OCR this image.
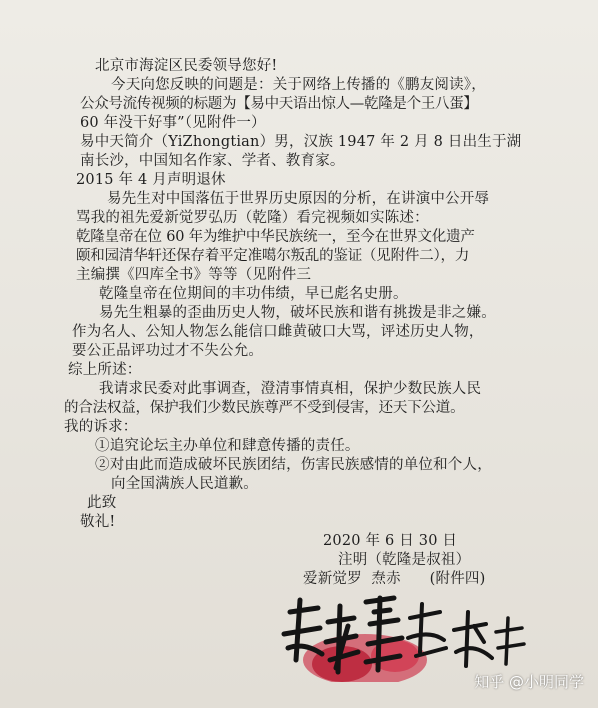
北京市海淀区民委领导您好!
今天向您反映的问题是：关于网络上传播的《鹏友阅读》，
公众号流传视频的标题为【易中天语出惊人—乾隆是个王八蛋】
60 年没干好事”（见附件一）
易中天简介（YiZhongtian）男，汉族 1947 年 2 月 8 日出生于湖
南长沙，中国知名作家、学者、教育家。
2015 年 4 月声明退休
易先生对中国落伍于世界历史原因的分析，在讲演中公开辱
骂我的祖先爱新觉罗弘历（乾隆）看完视频如实陈述：
乾隆皇帝在位 60 年为维护中华民族统一，至今在世界文化遗产
颐和园清华轩还保存着平定准噶尔叛乱的鉴证（见附件二），力
主编撰《四库全书》等等（见附件三
乾隆皇帝在位期间的丰功伟绩，早已彪名史册。
易先生粗暴的歪曲历史人物，破坏民族和谐有挑拨是非之嫌。
作为名人、公知人物怎么能信口雌黄破口大骂，评述历史人物，
要公正品评功过才不失公允。
综上所述：
我请求民委对此事调查，澄清事情真相，保护少数民族人民
的合法权益，保护我们少数民族尊严不受到侵害，还天下公道。
我的诉求：
①追究论坛主办单位和肆意传播的责任。
②对由此而造成破坏民族团结，伤害民族感情的单位和个人，
向全国满族人民道歉。
此致
敬礼!
2020 年 6 日 30 日
注明（乾隆是叔祖）
爱新觉罗  焘赤      (附件四)
知乎 @小明同学
